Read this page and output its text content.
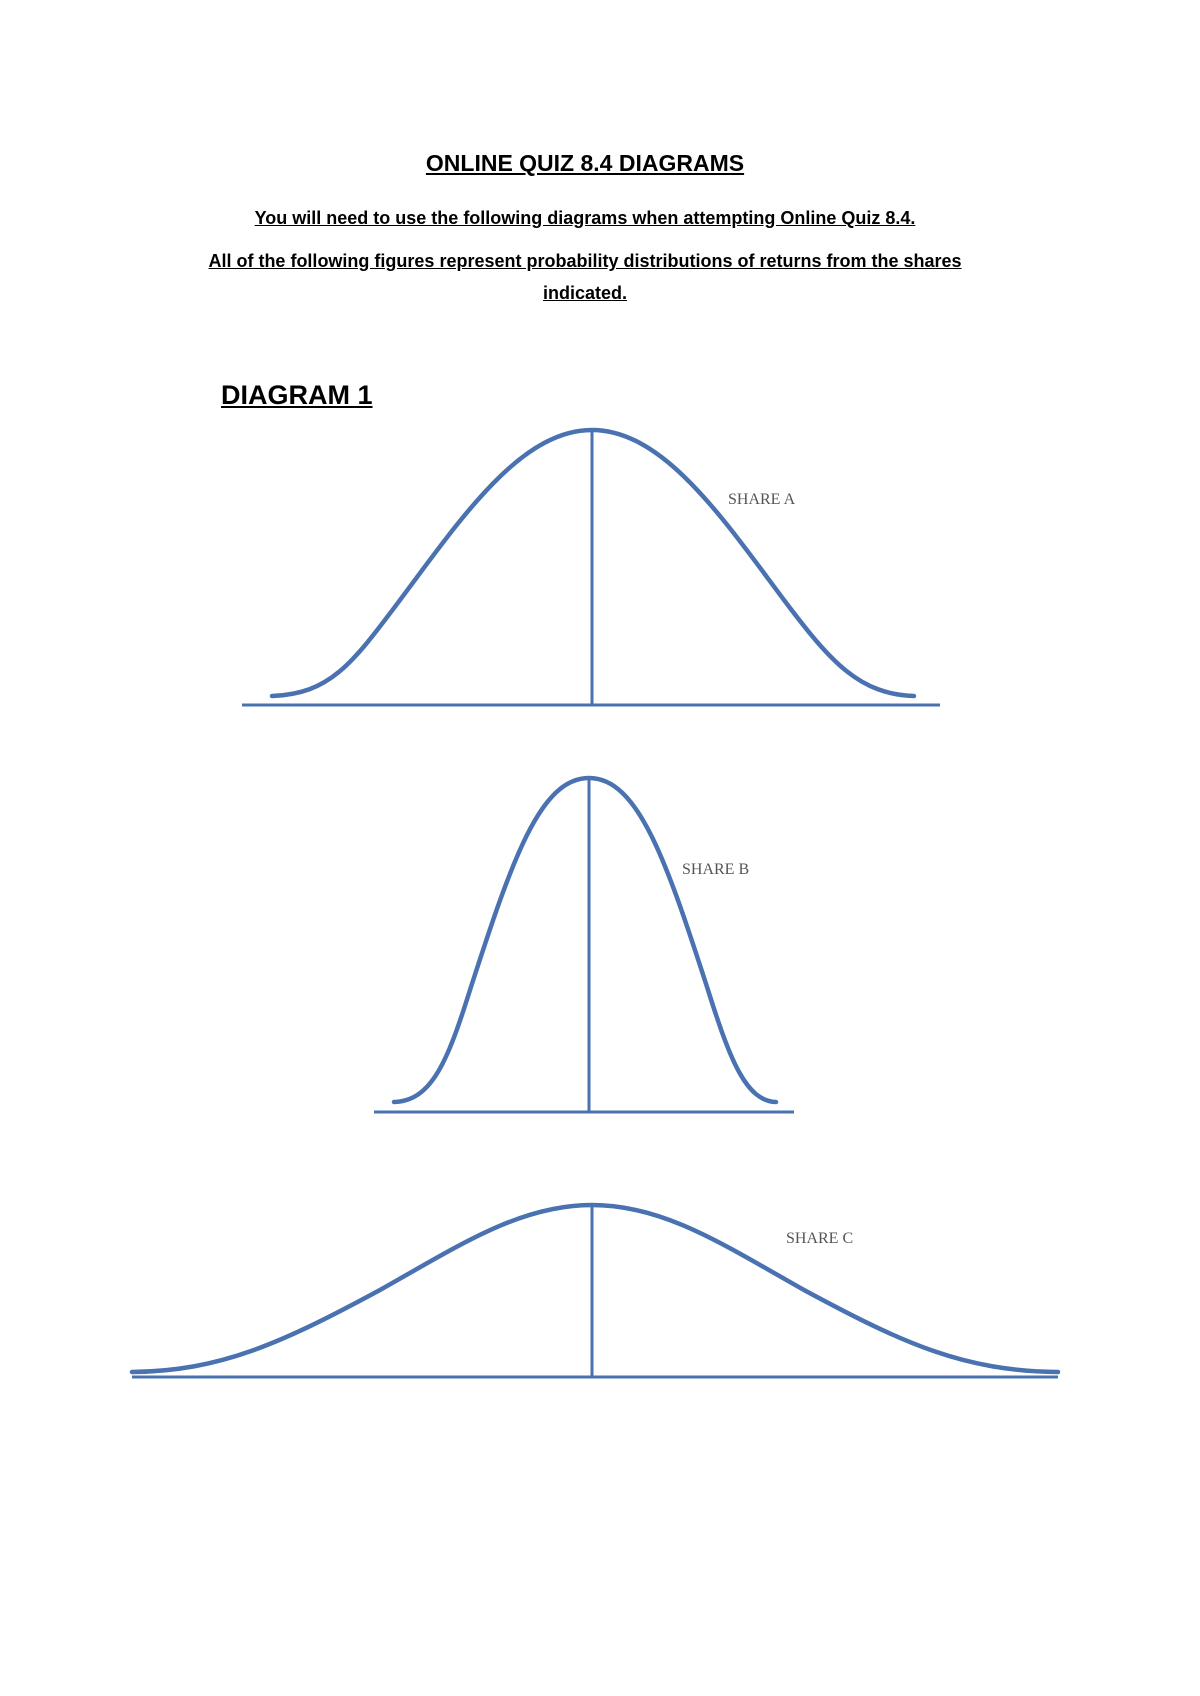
ONLINE QUIZ 8.4 DIAGRAMS

You will need to use the following diagrams when attempting Online Quiz 8.4.

All of the following figures represent probability distributions of returns from the shares indicated.

DIAGRAM 1
SHARE A
SHARE B
SHARE C
